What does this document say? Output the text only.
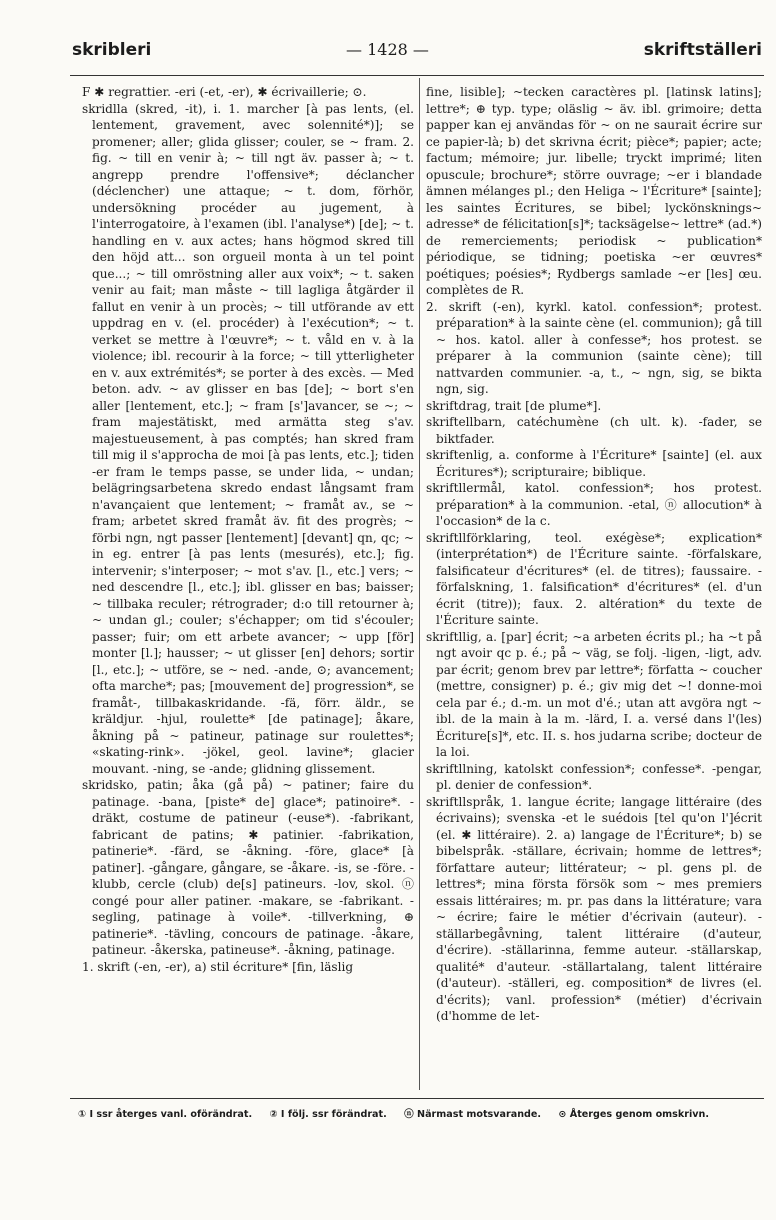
skribleri	— 1428 —	skriftställeri

F ✱ regrattier. -eri (-et, -er), ✱ écrivaillerie; ⊙.

skridlla (skred, -it), i. 1. marcher [à pas lents, (el. lentement, gravement, avec solennité*)]; se promener; aller; glida glisser; couler, se ~ fram. 2. ⁠fig. ~ till en venir à; ~ till ngt äv. passer à; ~ t. angrepp prendre l'offensive*; déclancher (déclencher) une attaque; ~ t. dom, förhör, undersökning procéder au jugement, à l'interrogatoire, à l'examen (ibl. l'analyse*) [de]; ~ t. handling en v. aux actes; hans högmod skred till den höjd att... son orgueil monta à un tel point que...; ~ till omröstning aller aux voix*; ~ t. saken venir au fait; man måste ~ till lagliga åtgärder il fallut en venir à un procès; ~ till utförande av ett uppdrag en v. (el. procéder) à l'exécution*; ~ t. verket se mettre à l'œuvre*; ~ t. våld en v. à la violence; ibl. recourir à la force; ~ till ytterligheter en v. aux extrémités*; se porter à des excès. — Med beton. adv. ~ av glisser en bas [de]; ~ bort s'en aller [lentement, etc.]; ~ fram [s']avancer, se ~; ~ fram majestätiskt, med armätta steg s'av. majestueusement, à pas comptés; han skred fram till mig il s'approcha de moi [à pas lents, etc.]; tiden -er fram le temps passe, se under lida, ~ undan; belägringsarbetena skredo endast långsamt fram n'avançaient que lentement; ~ framåt av., se ~ fram; arbetet skred framåt äv. fit des progrès; ~ förbi ngn, ngt passer [lentement] [devant] qn, qc; ~ in eg. entrer [à pas lents (mesurés), etc.]; fig. intervenir; s'interposer; ~ mot s'av. [l., etc.] vers; ~ ned descendre [l., etc.]; ibl. glisser en bas; baisser; ~ tillbaka reculer; rétrograder; d:o till retourner à; ~ undan gl.; couler; s'échapper; om tid s'écouler; passer; fuir; om ett arbete avancer; ~ upp [för] monter [l.]; hausser; ~ ut glisser [en] dehors; sortir [l., etc.]; ~ utföre, se ~ ned. -ande, ⊙; avancement; ofta marche*; pas; [mouvement de] progression*, se framåt-, tillbakaskridande. -fä, förr. äldr., se kräldjur. -hjul, roulette* [de patinage]; åkare, åkning på ~ patineur, patinage sur roulettes*; «skating-rink». -jökel, geol. lavine*; glacier mouvant. -ning, se -ande; glidning glissement.

skridsko, patin; åka (gå på) ~ patiner; faire du patinage. -bana, [piste* de] glace*; patinoire*. -dräkt, costume de patineur (-euse*). -fabrikant, fabricant de patins; ✱ patinier. -fabrikation, patinerie*. -färd, se -åkning. -före, glace* [à patiner]. -gångare, gångare, se -åkare. -is, se -före. -klubb, cercle (club) de[s] patineurs. -lov, skol. ⓝ congé pour aller patiner. -makare, se -fabrikant. -segling, patinage à voile*. -tillverkning, ⊕ patinerie*. -tävling, concours de patinage. -åkare, patineur. -åkerska, patineuse*. -åkning, patinage.

1. skrift (-en, -er), a) stil écriture* [fin, läslig

fine, lisible]; ~tecken caractères pl. [latinsk latins]; lettre*; ⊕ typ. type; oläslig ~ äv. ibl. grimoire; detta papper kan ej användas för ~ on ne saurait écrire sur ce papier-là; b) det skrivna écrit; pièce*; papier; acte; factum; mémoire; jur. libelle; tryckt imprimé; liten opuscule; brochure*; större ouvrage; ~er i blandade ämnen mélanges pl.; den Heliga ~ l'Écriture* [sainte]; les saintes Écritures, se bibel; lyckönsknings~ adresse* de félicitation[s]*; tacksägelse~ lettre* (ad.*) de remerciements; periodisk ~ publication* périodique, se tidning; poetiska ~er œuvres* poétiques; poésies*; Rydbergs samlade ~er [les] œu. complètes de R.

2. skrift (-en), kyrkl. katol. confession*; protest. préparation* à la sainte cène (el. communion); gå till ~ hos. katol. aller à confesse*; hos protest. se préparer à la communion (sainte cène); till nattvarden communier. -a, t., ~ ngn, sig, se bikta ngn, sig.

skriftdrag, trait [de plume*].

skriftellbarn, catéchumène (ch ult. k). -fader, se biktfader.

skriftenlig, a. conforme à l'Écriture* [sainte] (el. aux Écritures*); scripturaire; biblique.

skriftllermål, katol. confession*; hos protest. préparation* à la communion. -etal, ⓝ allocution* à l'occasion* de la c.

skriftllförklaring, teol. exégèse*; explication* (interprétation*) de l'Écriture sainte. -förfalskare, falsificateur d'écritures* (el. de titres); faussaire. -förfalskning, 1. falsification* d'écritures* (el. d'un écrit (titre)); faux. 2. altération* du texte de l'Écriture sainte.

skriftllig, a. [par] écrit; ~a arbeten écrits pl.; ha ~t på ngt avoir qc p. é.; på ~ väg, se folj. -ligen, -ligt, adv. par écrit; genom brev par lettre*; författa ~ coucher (mettre, consigner) p. é.; giv mig det ~! donne-moi cela par é.; d.-m. un mot d'é.; utan att avgöra ngt ~ ibl. de la main à la m. -lärd, I. a. versé dans l'(les) Écriture[s]*, etc. II. s. hos judarna scribe; docteur de la loi.

skriftllning, katolskt confession*; confesse*. -pengar, pl. denier de confession*.

skriftllspråk, 1. langue écrite; langage littéraire (des écrivains); svenska -et le suédois [tel qu'on l']écrit (el. ✱ littéraire). 2. a) langage de l'Écriture*; b) se bibelspråk. -ställare, écrivain; homme de lettres*; författare auteur; littérateur; ~ pl. gens pl. de lettres*; mina första försök som ~ mes premiers essais littéraires; m. pr. pas dans la littérature; vara ~ écrire; faire le métier d'écrivain (auteur). -ställarbegåvning, talent littéraire (d'auteur, d'écrire). -ställarinna, femme auteur. -ställarskap, qualité* d'auteur. -ställartalang, talent littéraire (d'auteur). -ställeri, eg. composition* de livres (el. d'écrits); vanl. profession* (métier) d'écrivain (d'homme de let-

① I ssr återges vanl. oförändrat. ② I följ. ssr förändrat. ⓝ Närmast motsvarande. ⊙ Återges genom omskrivn.
